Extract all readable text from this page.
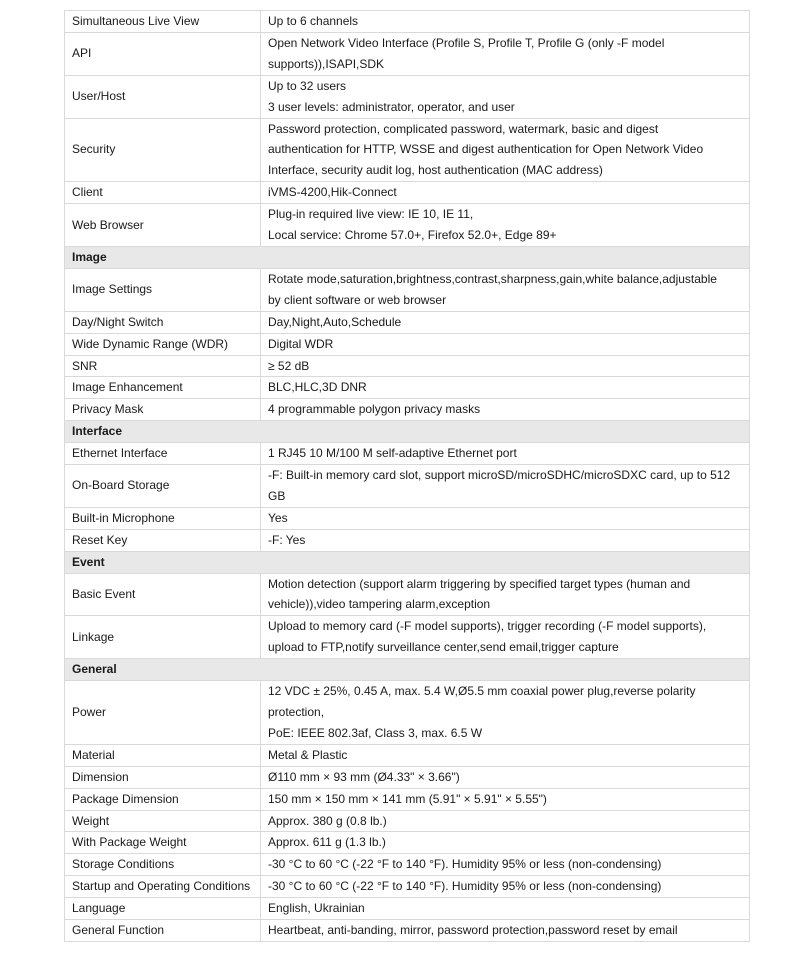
Simultaneous Live View	Up to 6 channels

API	Open Network Video Interface (Profile S, Profile T, Profile G (only -F model
supports)),ISAPI,SDK

User/Host	Up to 32 users
3 user levels: administrator, operator, and user

Security	Password protection, complicated password, watermark, basic and digest
authentication for HTTP, WSSE and digest authentication for Open Network Video
Interface, security audit log, host authentication (MAC address)

Client	iVMS-4200,Hik-Connect

Web Browser	Plug-in required live view: IE 10, IE 11,
Local service: Chrome 57.0+, Firefox 52.0+, Edge 89+

Image	
Image Settings	Rotate mode,saturation,brightness,contrast,sharpness,gain,white balance,adjustable
by client software or web browser

Day/Night Switch	Day,Night,Auto,Schedule

Wide Dynamic Range (WDR)	Digital WDR

SNR	≥ 52 dB

Image Enhancement	BLC,HLC,3D DNR

Privacy Mask	4 programmable polygon privacy masks

Interface	
Ethernet Interface	1 RJ45 10 M/100 M self-adaptive Ethernet port

On-Board Storage	-F: Built-in memory card slot, support microSD/microSDHC/microSDXC card, up to 512
GB

Built-in Microphone	Yes

Reset Key	-F: Yes

Event	
Basic Event	Motion detection (support alarm triggering by specified target types (human and
vehicle)),video tampering alarm,exception

Linkage	Upload to memory card (-F model supports), trigger recording (-F model supports),
upload to FTP,notify surveillance center,send email,trigger capture

General	
Power	12 VDC ± 25%, 0.45 A, max. 5.4 W,Ø5.5 mm coaxial power plug,reverse polarity
protection,
PoE: IEEE 802.3af, Class 3, max. 6.5 W

Material	Metal & Plastic

Dimension	Ø110 mm × 93 mm (Ø4.33" × 3.66")

Package Dimension	150 mm × 150 mm × 141 mm (5.91" × 5.91" × 5.55")

Weight	Approx. 380 g (0.8 lb.)

With Package Weight	Approx. 611 g (1.3 lb.)

Storage Conditions	-30 °C to 60 °C (-22 °F to 140 °F). Humidity 95% or less (non-condensing)

Startup and Operating Conditions	-30 °C to 60 °C (-22 °F to 140 °F). Humidity 95% or less (non-condensing)

Language	English, Ukrainian

General Function	Heartbeat, anti-banding, mirror, password protection,password reset by email
